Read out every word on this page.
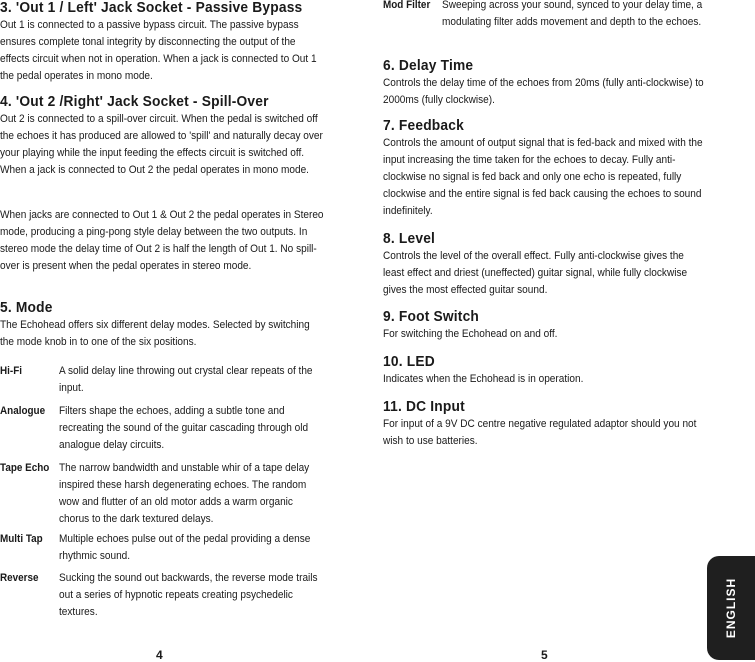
3. 'Out 1 / Left' Jack Socket - Passive Bypass

Out 1 is connected to a passive bypass circuit. The passive bypass ensures complete tonal integrity by disconnecting the output of the effects circuit when not in operation. When a jack is connected to Out 1 the pedal operates in mono mode.

4. 'Out 2 /Right' Jack Socket - Spill-Over

Out 2 is connected to a spill-over circuit. When the pedal is switched off the echoes it has produced are allowed to 'spill' and naturally decay over your playing while the input feeding the effects circuit is switched off. When a jack is connected to Out 2 the pedal operates in mono mode.

When jacks are connected to Out 1 & Out 2 the pedal operates in Stereo mode, producing a ping-pong style delay between the two outputs. In stereo mode the delay time of Out 2 is half the length of Out 1. No spill-over is present when the pedal operates in stereo mode.

5. Mode

The Echohead offers six different delay modes. Selected by switching the mode knob in to one of the six positions.

Hi-Fi	A solid delay line throwing out crystal clear repeats of the input.
Analogue Filters shape the echoes, adding a subtle tone and recreating the sound of the guitar cascading through old analogue delay circuits.
Tape Echo The narrow bandwidth and unstable whir of a tape delay inspired these harsh degenerating echoes. The random wow and flutter of an old motor adds a warm organic chorus to the dark textured delays.
Multi Tap Multiple echoes pulse out of the pedal providing a dense rhythmic sound.
Reverse Sucking the sound out backwards, the reverse mode trails out a series of hypnotic repeats creating psychedelic textures.
4
Mod Filter Sweeping across your sound, synced to your delay time, a modulating filter adds movement and depth to the echoes.
6. Delay Time

Controls the delay time of the echoes from 20ms (fully anti-clockwise) to 2000ms (fully clockwise).

7. Feedback

Controls the amount of output signal that is fed-back and mixed with the input increasing the time taken for the echoes to decay. Fully anti-clockwise no signal is fed back and only one echo is repeated, fully clockwise and the entire signal is fed back causing the echoes to sound indefinitely.

8. Level

Controls the level of the overall effect. Fully anti-clockwise gives the least effect and driest (uneffected) guitar signal, while fully clockwise gives the most effected guitar sound.

9. Foot Switch

For switching the Echohead on and off.

10. LED

Indicates when the Echohead is in operation.

11. DC Input

For input of a 9V DC centre negative regulated adaptor should you not wish to use batteries.

5
ENGLISH
